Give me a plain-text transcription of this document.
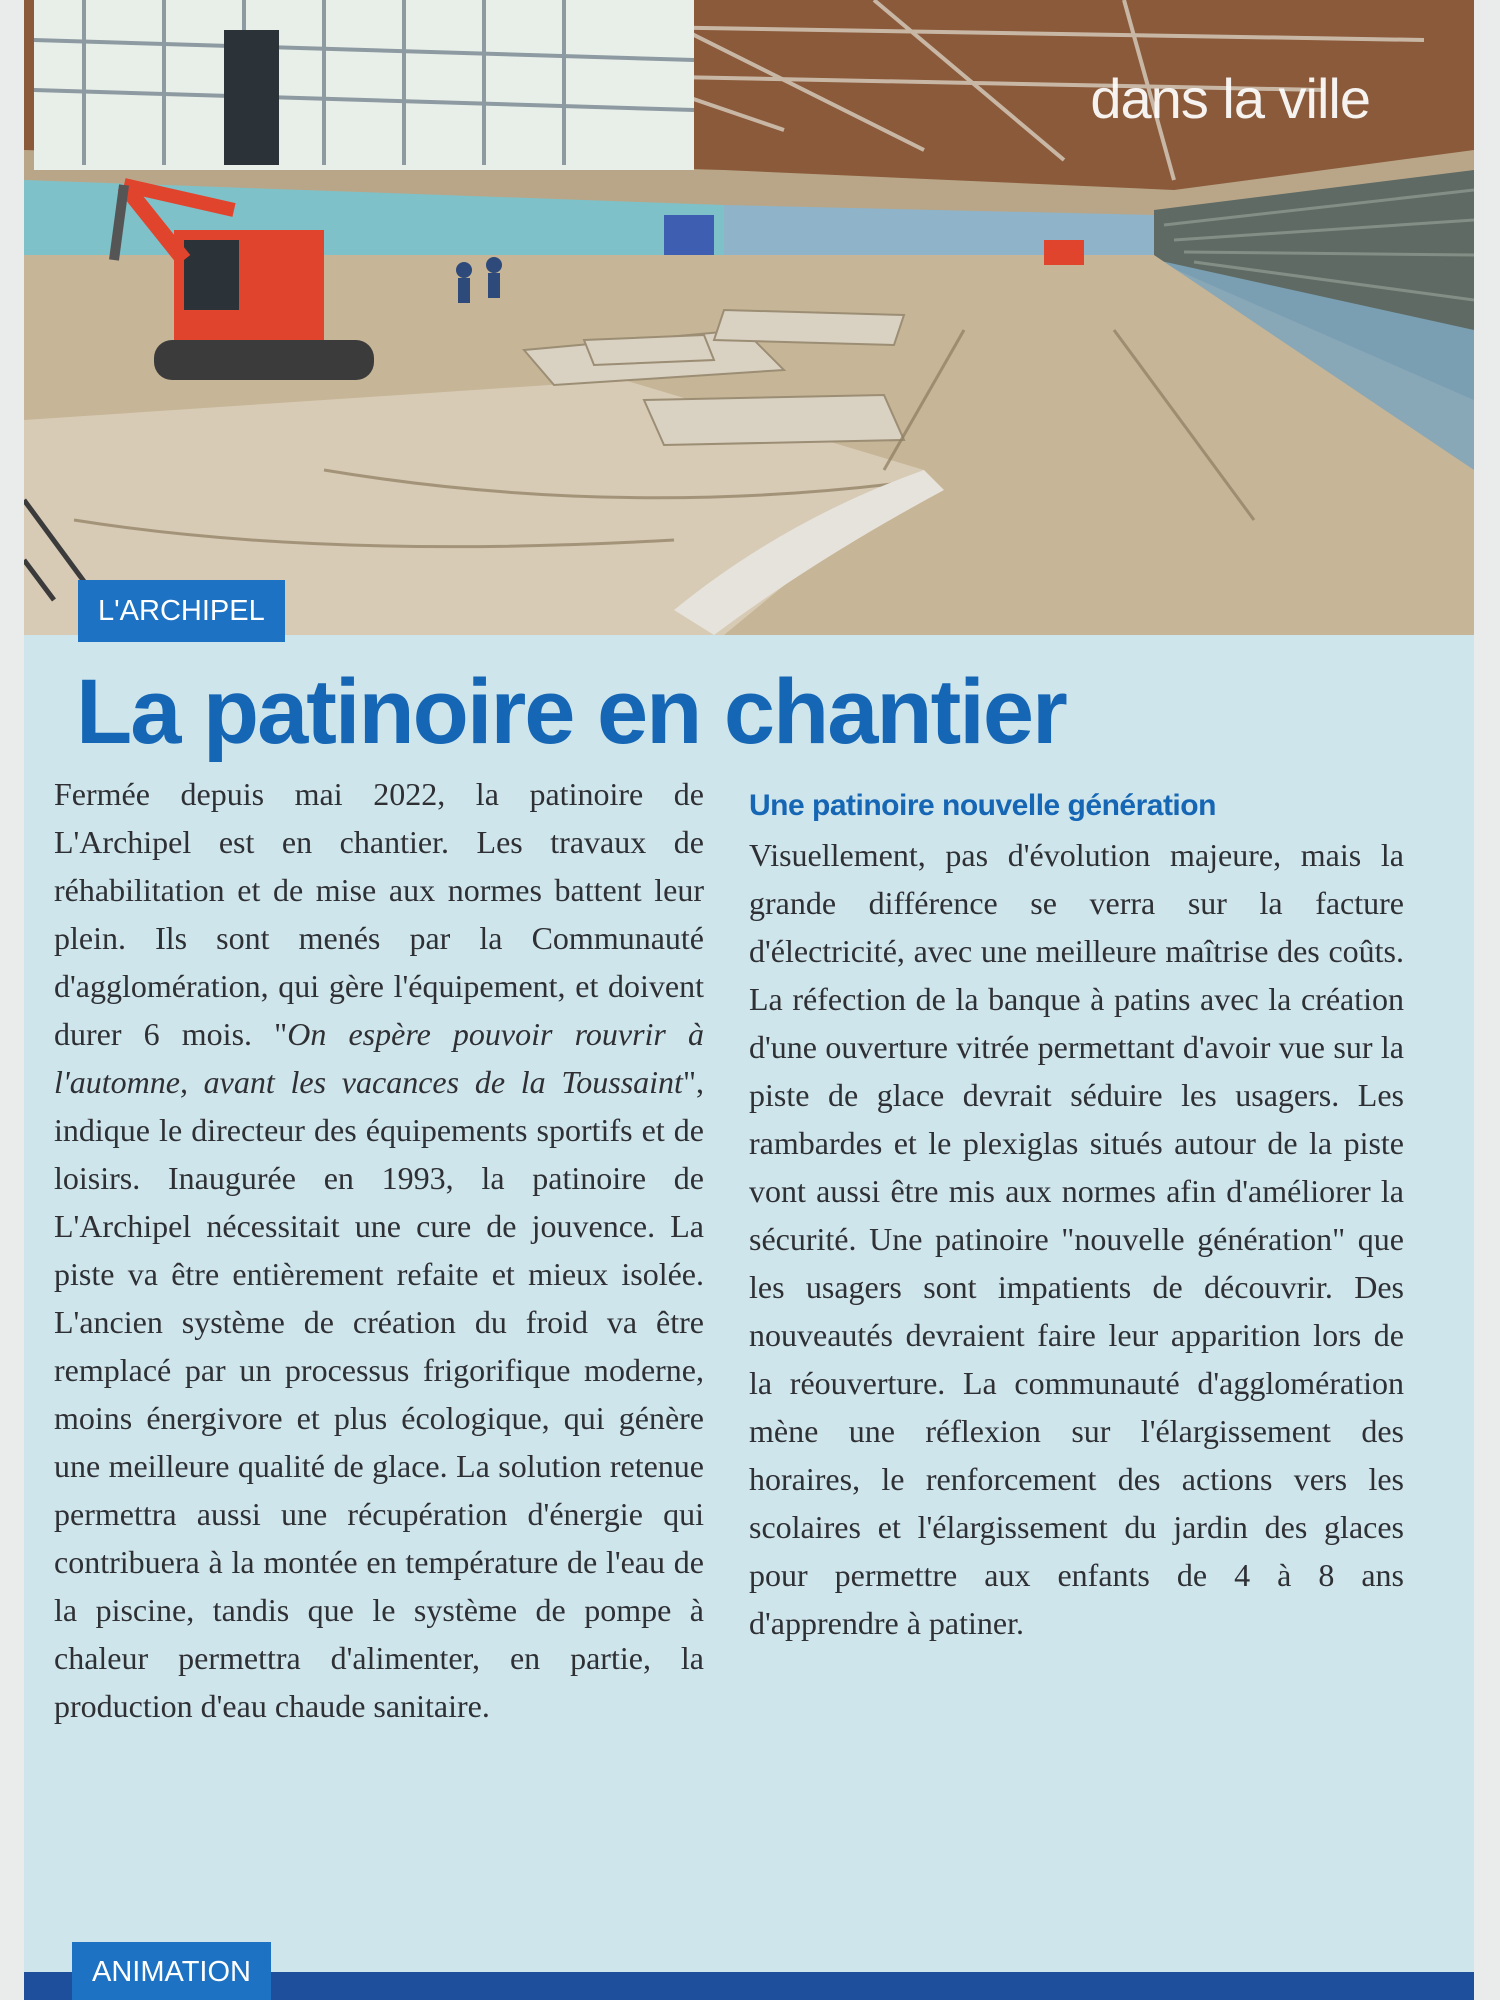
dans la ville
L'ARCHIPEL
La patinoire en chantier

Fermée depuis mai 2022, la patinoire de L'Archipel est en chantier. Les travaux de réhabilitation et de mise aux normes battent leur plein. Ils sont menés par la Communauté d'agglomération, qui gère l'équipement, et doivent durer 6 mois. "On espère pouvoir rouvrir à l'automne, avant les vacances de la Toussaint", indique le directeur des équipements sportifs et de loisirs. Inaugurée en 1993, la patinoire de L'Archipel nécessitait une cure de jouvence. La piste va être entièrement refaite et mieux isolée. L'ancien système de création du froid va être remplacé par un processus frigorifique moderne, moins énergivore et plus écologique, qui génère une meilleure qualité de glace. La solution retenue permettra aussi une récupération d'énergie qui contribuera à la montée en température de l'eau de la piscine, tandis que le système de pompe à chaleur permettra d'alimenter, en partie, la production d'eau chaude sanitaire.

Une patinoire nouvelle génération

Visuellement, pas d'évolution majeure, mais la grande différence se verra sur la facture d'électricité, avec une meilleure maîtrise des coûts. La réfection de la banque à patins avec la création d'une ouverture vitrée permettant d'avoir vue sur la piste de glace devrait séduire les usagers. Les rambardes et le plexiglas situés autour de la piste vont aussi être mis aux normes afin d'améliorer la sécurité. Une patinoire "nouvelle génération" que les usagers sont impatients de découvrir. Des nouveautés devraient faire leur apparition lors de la réouverture. La communauté d'agglomération mène une réflexion sur l'élargissement des horaires, le renforcement des actions vers les scolaires et l'élargissement du jardin des glaces pour permettre aux enfants de 4 à 8 ans d'apprendre à patiner.

ANIMATION
